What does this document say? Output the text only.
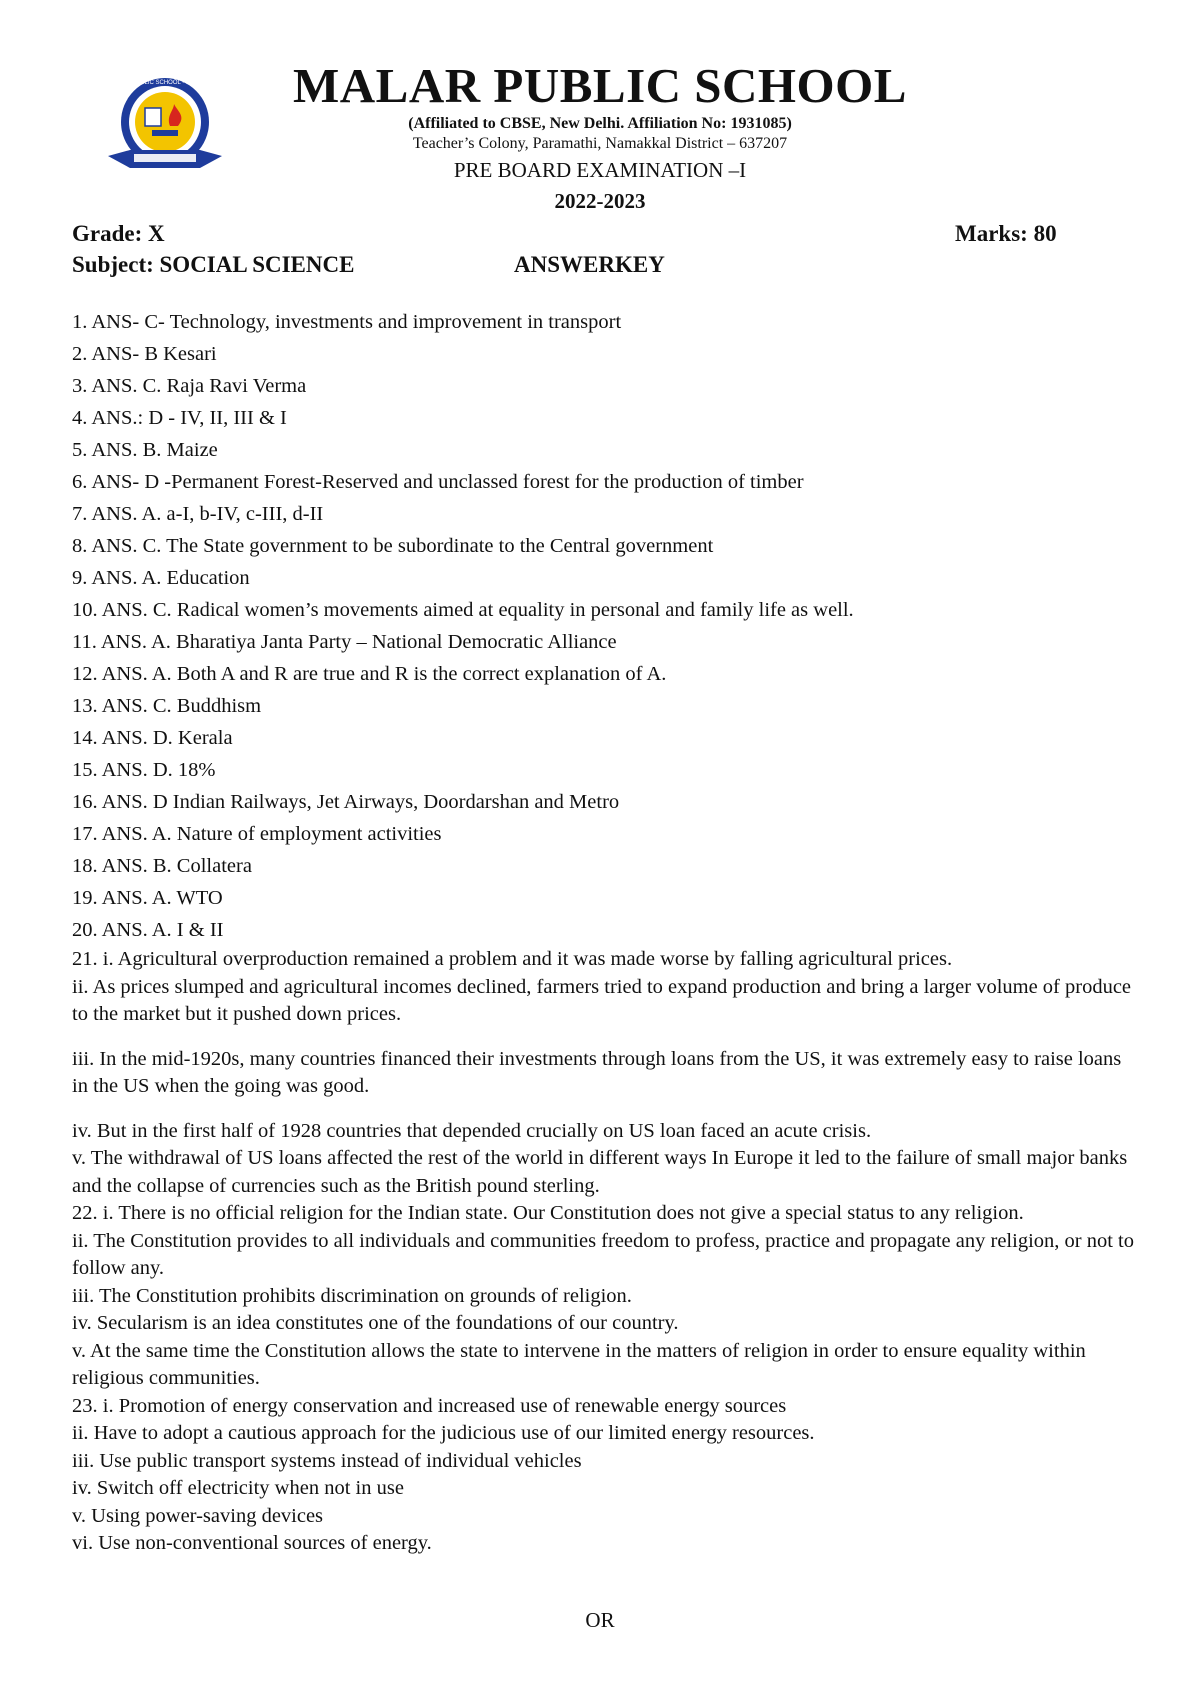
MALAR PUBLIC SCHOOL • PARAMATHI MALAR PUBLIC SCHOOL
(Affiliated to CBSE, New Delhi. Affiliation No: 1931085)
Teacher’s Colony, Paramathi, Namakkal District – 637207
PRE BOARD EXAMINATION –I
2022-2023
Grade: X	Marks: 80
Subject: SOCIAL SCIENCE	ANSWERKEY
1. ANS- C- Technology, investments and improvement in transport
2. ANS- B Kesari
3. ANS. C. Raja Ravi Verma
4. ANS.: D - IV, II, III & I
5. ANS. B. Maize
6. ANS- D -Permanent Forest-Reserved and unclassed forest for the production of timber
7. ANS. A. a-I, b-IV, c-III, d-II
8. ANS. C. The State government to be subordinate to the Central government
9. ANS. A. Education
10. ANS. C. Radical women’s movements aimed at equality in personal and family life as well.
11. ANS. A. Bharatiya Janta Party – National Democratic Alliance
12. ANS. A. Both A and R are true and R is the correct explanation of A.
13. ANS. C. Buddhism
14. ANS. D. Kerala
15. ANS. D. 18%
16. ANS. D Indian Railways, Jet Airways, Doordarshan and Metro
17. ANS. A. Nature of employment activities
18. ANS. B. Collatera
19. ANS. A. WTO
20. ANS. A. I & II
21. i. Agricultural overproduction remained a problem and it was made worse by falling agricultural prices.
ii. As prices slumped and agricultural incomes declined, farmers tried to expand production and bring a larger volume of produce to the market but it pushed down prices.
iii. In the mid-1920s, many countries financed their investments through loans from the US, it was extremely easy to raise loans in the US when the going was good.
iv. But in the first half of 1928 countries that depended crucially on US loan faced an acute crisis.
v. The withdrawal of US loans affected the rest of the world in different ways In Europe it led to the failure of small major banks and the collapse of currencies such as the British pound sterling.
22. i. There is no official religion for the Indian state. Our Constitution does not give a special status to any religion.
ii. The Constitution provides to all individuals and communities freedom to profess, practice and propagate any religion, or not to follow any.
iii. The Constitution prohibits discrimination on grounds of religion.
iv. Secularism is an idea constitutes one of the foundations of our country.
v. At the same time the Constitution allows the state to intervene in the matters of religion in order to ensure equality within religious communities.
23. i. Promotion of energy conservation and increased use of renewable energy sources
ii. Have to adopt a cautious approach for the judicious use of our limited energy resources.
iii. Use public transport systems instead of individual vehicles
iv. Switch off electricity when not in use
v. Using power-saving devices
vi. Use non-conventional sources of energy.
OR
